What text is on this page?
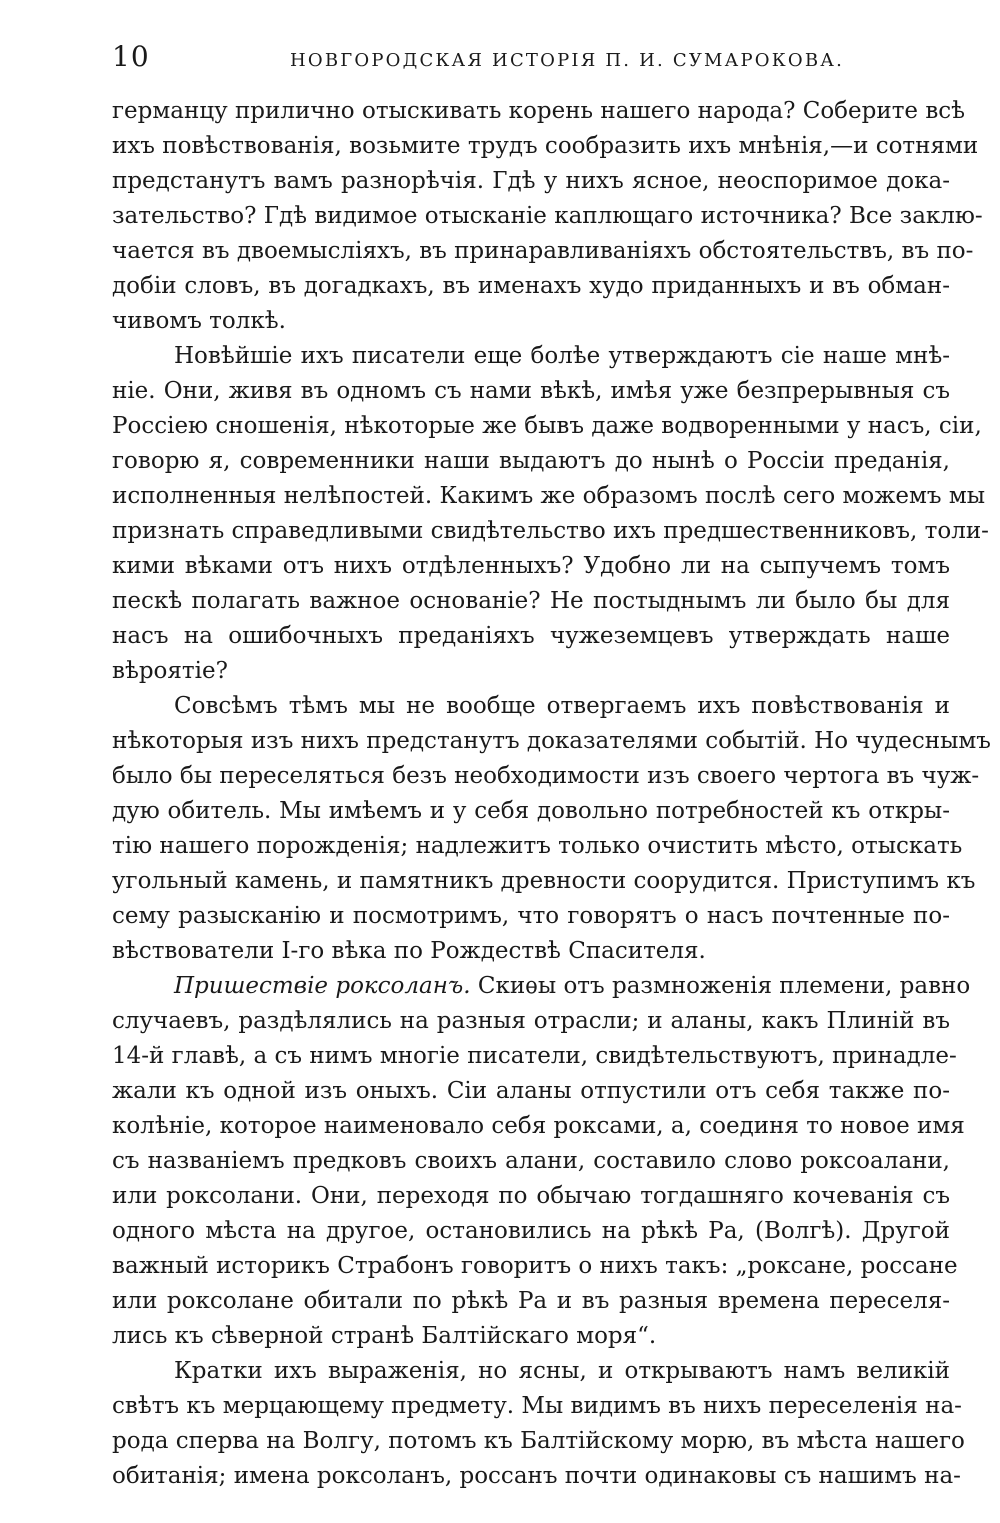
10	НОВГОРОДСКАЯ ИСТОРІЯ П. И. СУМАРОКОВА.

германцу прилично отыскивать корень нашего народа? Соберите всѣ
ихъ повѣствованія, возьмите трудъ сообразить ихъ мнѣнія,—и сотнями
предстанутъ вамъ разнорѣчія. Гдѣ у нихъ ясное, неоспоримое дока-
зательство? Гдѣ видимое отысканіе каплющаго источника? Все заклю-
чается въ двоемысліяхъ, въ принаравливаніяхъ обстоятельствъ, въ по-
добіи словъ, въ догадкахъ, въ именахъ худо приданныхъ и въ обман-
чивомъ толкѣ.

Новѣйшіе ихъ писатели еще болѣе утверждаютъ сіе наше мнѣ-
ніе. Они, живя въ одномъ съ нами вѣкѣ, имѣя уже безпрерывныя съ
Россіею сношенія, нѣкоторые же бывъ даже водворенными у насъ, сіи,
говорю я, современники наши выдаютъ до нынѣ о Россіи преданія,
исполненныя нелѣпостей. Какимъ же образомъ послѣ сего можемъ мы
признать справедливыми свидѣтельство ихъ предшественниковъ, толи-
кими вѣками отъ нихъ отдѣленныхъ? Удобно ли на сыпучемъ томъ
пескѣ полагать важное основаніе? Не постыднымъ ли было бы для
насъ на ошибочныхъ преданіяхъ чужеземцевъ утверждать наше
вѣроятіе?

Совсѣмъ тѣмъ мы не вообще отвергаемъ ихъ повѣствованія и
нѣкоторыя изъ нихъ предстанутъ доказателями событій. Но чудеснымъ
было бы переселяться безъ необходимости изъ своего чертога въ чуж-
дую обитель. Мы имѣемъ и у себя довольно потребностей къ откры-
тію нашего порожденія; надлежитъ только очистить мѣсто, отыскать
угольный камень, и памятникъ древности соорудится. Приступимъ къ
сему разысканію и посмотримъ, что говорятъ о насъ почтенные по-
вѣствователи І-го вѣка по Рождествѣ Спасителя.

Пришествіе роксоланъ. Скиѳы отъ размноженія племени, равно
случаевъ, раздѣлялись на разныя отрасли; и аланы, какъ Плиній въ
14-й главѣ, а съ нимъ многіе писатели, свидѣтельствуютъ, принадле-
жали къ одной изъ оныхъ. Сіи аланы отпустили отъ себя также по-
колѣніе, которое наименовало себя роксами, а, соединя то новое имя
съ названіемъ предковъ своихъ алани, составило слово роксоалани,
или роксолани. Они, переходя по обычаю тогдашняго кочеванія съ
одного мѣста на другое, остановились на рѣкѣ Ра, (Волгѣ). Другой
важный историкъ Страбонъ говоритъ о нихъ такъ: „роксане, россане
или роксолане обитали по рѣкѣ Ра и въ разныя времена переселя-
лись къ сѣверной странѣ Балтійскаго моря“.

Кратки ихъ выраженія, но ясны, и открываютъ намъ великій
свѣтъ къ мерцающему предмету. Мы видимъ въ нихъ переселенія на-
рода сперва на Волгу, потомъ къ Балтійскому морю, въ мѣста нашего
обитанія; имена роксоланъ, россанъ почти одинаковы съ нашимъ на-
